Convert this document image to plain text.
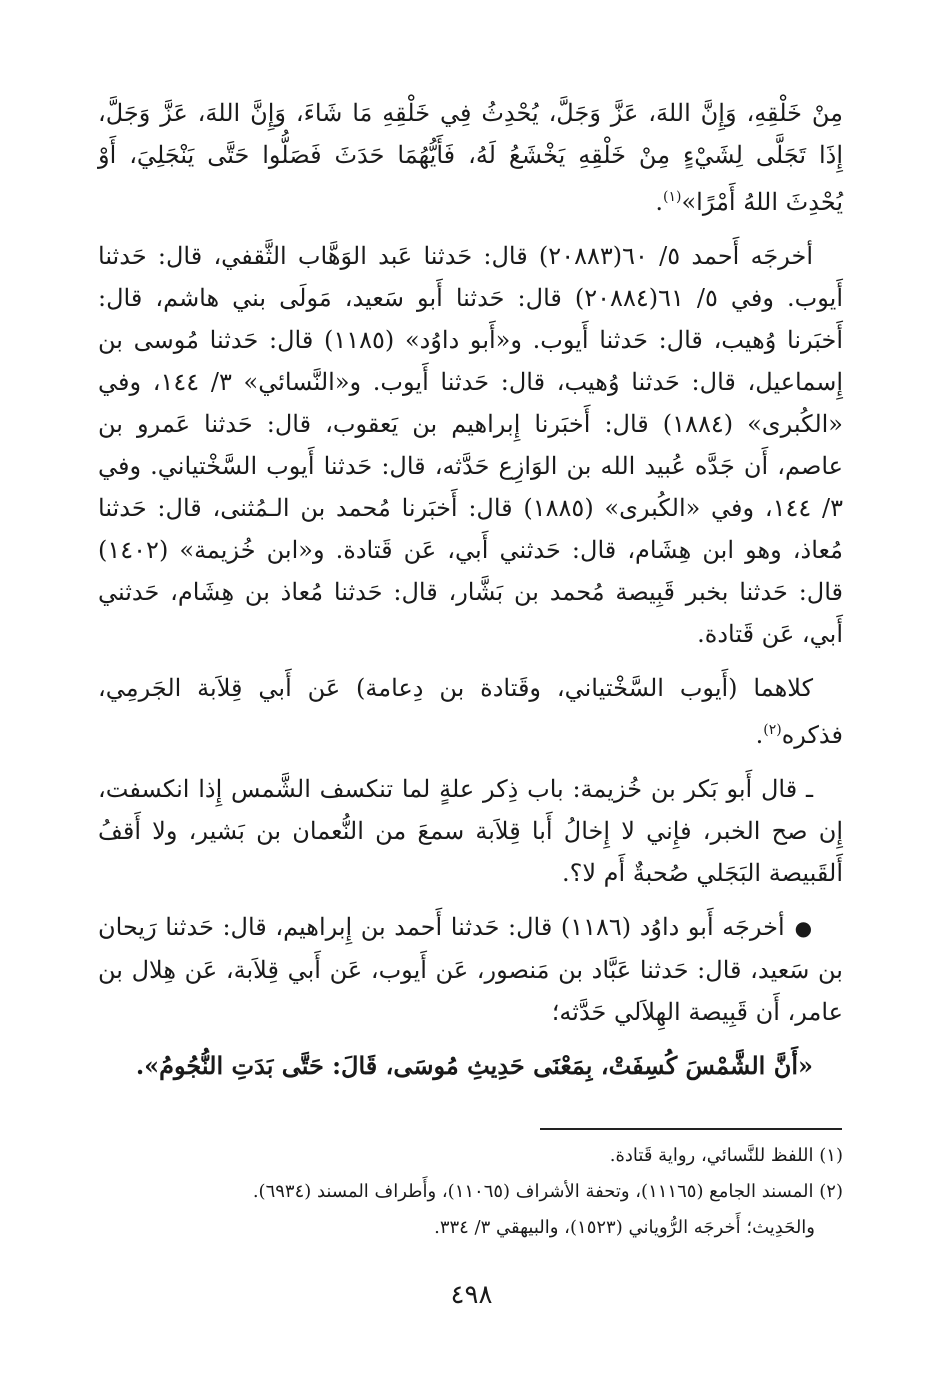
مِنْ خَلْقِهِ، وَإِنَّ اللهَ، عَزَّ وَجَلَّ، يُحْدِثُ فِي خَلْقِهِ مَا شَاءَ، وَإِنَّ اللهَ، عَزَّ وَجَلَّ، إِذَا تَجَلَّى لِشَيْءٍ مِنْ خَلْقِهِ يَخْشَعُ لَهُ، فَأَيُّهُمَا حَدَثَ فَصَلُّوا حَتَّى يَنْجَلِيَ، أَوْ يُحْدِثَ اللهُ أَمْرًا»$^{(١)}$.

أخرجَه أَحمد ٥/ ٦٠(٢٠٨٨٣) قال: حَدثنا عَبد الوَهَّاب الثَّقفي، قال: حَدثنا أَيوب. وفي ٥/ ٦١(٢٠٨٨٤) قال: حَدثنا أَبو سَعيد، مَولَى بني هاشم، قال: أَخبَرنا وُهيب، قال: حَدثنا أَيوب. و«أَبو داوُد» (١١٨٥) قال: حَدثنا مُوسى بن إِسماعيل، قال: حَدثنا وُهيب، قال: حَدثنا أَيوب. و«النَّسائي» ٣/ ١٤٤، وفي «الكُبرى» (١٨٨٤) قال: أَخبَرنا إِبراهيم بن يَعقوب، قال: حَدثنا عَمرو بن عاصم، أَن جَدَّه عُبيد الله بن الوَازِع حَدَّثه، قال: حَدثنا أَيوب السَّخْتياني. وفي ٣/ ١٤٤، وفي «الكُبرى» (١٨٨٥) قال: أَخبَرنا مُحمد بن الـمُثنى، قال: حَدثنا مُعاذ، وهو ابن هِشَام، قال: حَدثني أَبي، عَن قَتادة. و«ابن خُزيمة» (١٤٠٢) قال: حَدثنا بخبر قَبِيصة مُحمد بن بَشَّار، قال: حَدثنا مُعاذ بن هِشَام، حَدثني أَبي، عَن قَتادة.

كلاهما (أَيوب السَّخْتياني، وقَتادة بن دِعامة) عَن أَبي قِلاَبة الجَرمِي، فذكره$^{(٢)}$.

ـ قال أَبو بَكر بن خُزيمة: باب ذِكر علةٍ لما تنكسف الشَّمس إِذا انكسفت، إِن صح الخبر، فإِني لا إِخالُ أَبا قِلاَبة سمعَ من النُّعمان بن بَشير، ولا أَقفُ أَلقَبيصة البَجَلي صُحبةٌ أَم لا؟.

●أخرجَه أَبو داوُد (١١٨٦) قال: حَدثنا أَحمد بن إِبراهيم، قال: حَدثنا رَيحان بن سَعيد، قال: حَدثنا عَبَّاد بن مَنصور، عَن أَيوب، عَن أَبي قِلاَبة، عَن هِلال بن عامر، أَن قَبِيصة الهِلاَلي حَدَّثه؛

«أَنَّ الشَّمْسَ كُسِفَتْ، بِمَعْنَى حَدِيثِ مُوسَى، قَالَ: حَتَّى بَدَتِ النُّجُومُ».

(١) اللفظ للنَّسائي، رواية قَتادة.

(٢) المسند الجامع (١١١٦٥)، وتحفة الأشراف (١١٠٦٥)، وأَطراف المسند (٦٩٣٤).

والحَدِيث؛ أَخرجَه الرُّوياني (١٥٢٣)، والبيهقي ٣/ ٣٣٤.

٤٩٨
